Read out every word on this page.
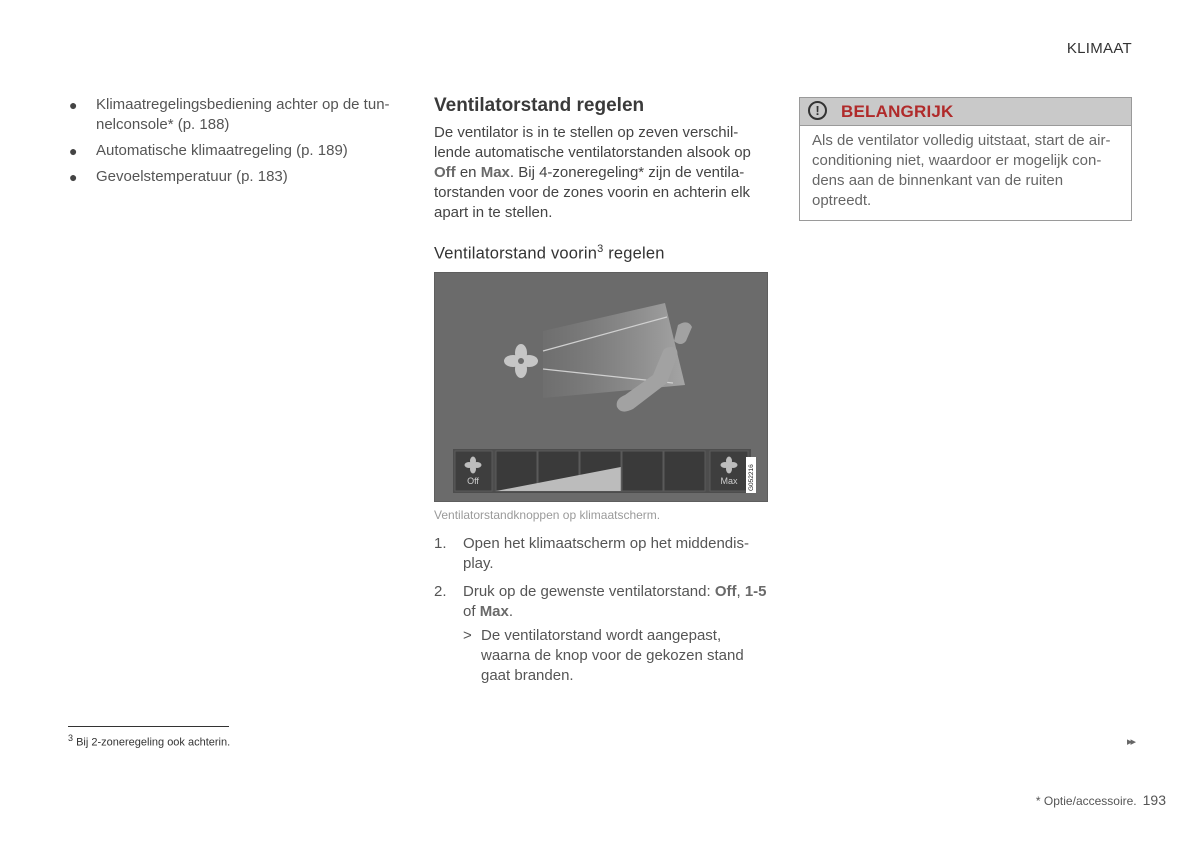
KLIMAAT
● Klimaatregelingsbediening achter op de tun-nelconsole* (p. 188)
● Automatische klimaatregeling (p. 189)
● Gevoelstemperatuur (p. 183)
Ventilatorstand regelen

De ventilator is in te stellen op zeven verschil-lende automatische ventilatorstanden alsook op Off en Max. Bij 4-zoneregeling* zijn de ventila-torstanden voor de zones voorin en achterin elk apart in te stellen.

Ventilatorstand voorin$^3$ regelen
Off	Max G052216
Ventilatorstandknoppen op klimaatscherm.
1. Open het klimaatscherm op het middendis-play.
2. Druk op de gewenste ventilatorstand: Off, 1-5 of Max.
> De ventilatorstand wordt aangepast, waarna de knop voor de gekozen stand gaat branden.
!	BELANGRIJK
Als de ventilator volledig uitstaat, start de air-conditioning niet, waardoor er mogelijk con-dens aan de binnenkant van de ruiten optreedt.
$^3$ Bij 2-zoneregeling ook achterin.	▸▸
* Optie/accessoire. 193
